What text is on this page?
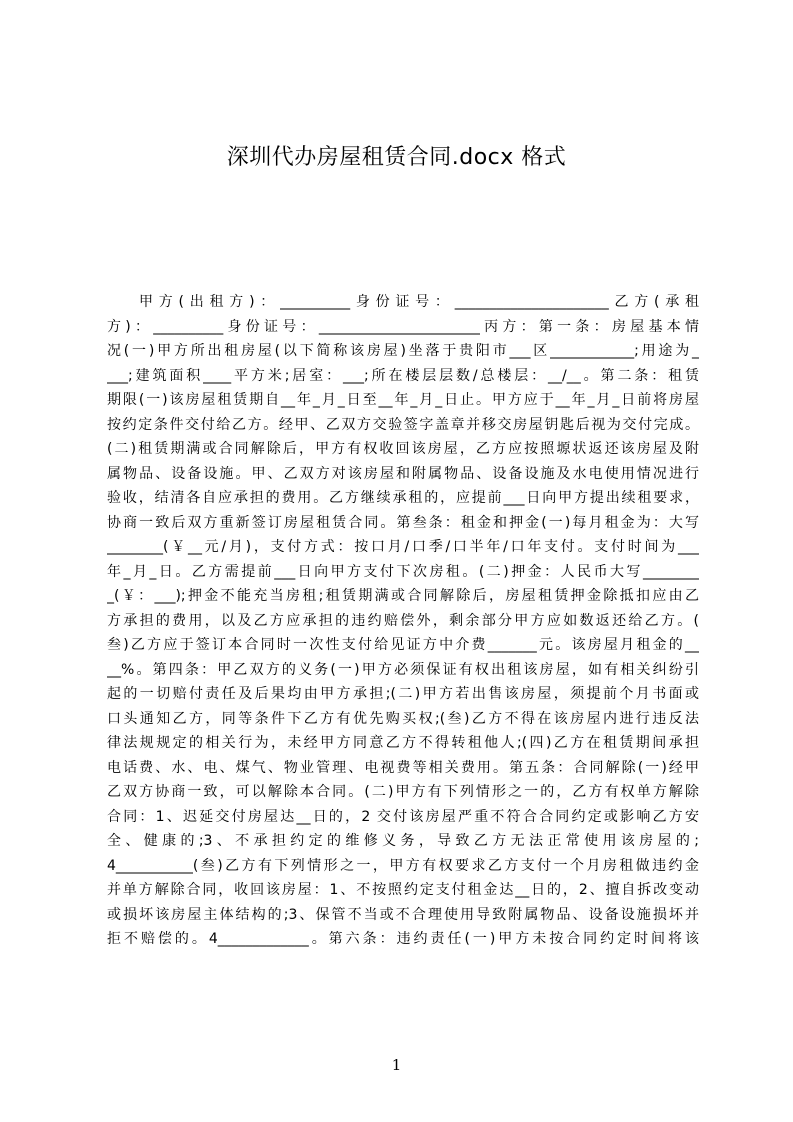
深圳代办房屋租赁合同.docx 格式
甲方(出租方)：__________身份证号：______________________乙方(承租
方)：__________身份证号：_______________________丙方：第一条：房屋基本情
况(一)甲方所出租房屋(以下简称该房屋)坐落于贵阳市___区____________;用途为_
___;建筑面积____平方米;居室：___;所在楼层层数/总楼层：__/__。第二条：租赁
期限(一)该房屋租赁期自__年_月_日至__年_月_日止。甲方应于__年_月_日前将房屋
按约定条件交付给乙方。经甲、乙双方交验签字盖章并移交房屋钥匙后视为交付完成。
(二)租赁期满或合同解除后，甲方有权收回该房屋，乙方应按照塬状返还该房屋及附
属物品、设备设施。甲、乙双方对该房屋和附属物品、设备设施及水电使用情况进行
验收，结清各自应承担的费用。乙方继续承租的，应提前___日向甲方提出续租要求，
协商一致后双方重新签订房屋租赁合同。第叁条：租金和押金(一)每月租金为：大写
________(￥__元/月)，支付方式：按口月/口季/口半年/口年支付。支付时间为___
年_月_日。乙方需提前___日向甲方支付下次房租。(二)押金：人民币大写________
_(￥：___);押金不能充当房租;租赁期满或合同解除后，房屋租赁押金除抵扣应由乙
方承担的费用，以及乙方应承担的违约赔偿外，剩余部分甲方应如数返还给乙方。(
叁)乙方应于签订本合同时一次性支付给见证方中介费_______元。该房屋月租金的__
__%。第四条：甲乙双方的义务(一)甲方必须保证有权出租该房屋，如有相关纠纷引
起的一切赔付责任及后果均由甲方承担;(二)甲方若出售该房屋，须提前个月书面或
口头通知乙方，同等条件下乙方有优先购买权;(叁)乙方不得在该房屋内进行违反法
律法规规定的相关行为，未经甲方同意乙方不得转租他人;(四)乙方在租赁期间承担
电话费、水、电、煤气、物业管理、电视费等相关费用。第五条：合同解除(一)经甲
乙双方协商一致，可以解除本合同。(二)甲方有下列情形之一的，乙方有权单方解除
合同：1、迟延交付房屋达__日的，2 交付该房屋严重不符合合同约定或影响乙方安
全、健康的;3、不承担约定的维修义务，导致乙方无法正常使用该房屋的;
4___________(叁)乙方有下列情形之一，甲方有权要求乙方支付一个月房租做违约金
并单方解除合同，收回该房屋：1、不按照约定支付租金达__日的，2、擅自拆改变动
或损坏该房屋主体结构的;3、保管不当或不合理使用导致附属物品、设备设施损坏并
拒不赔偿的。4_____________。第六条：违约责任(一)甲方未按合同约定时间将该
1
